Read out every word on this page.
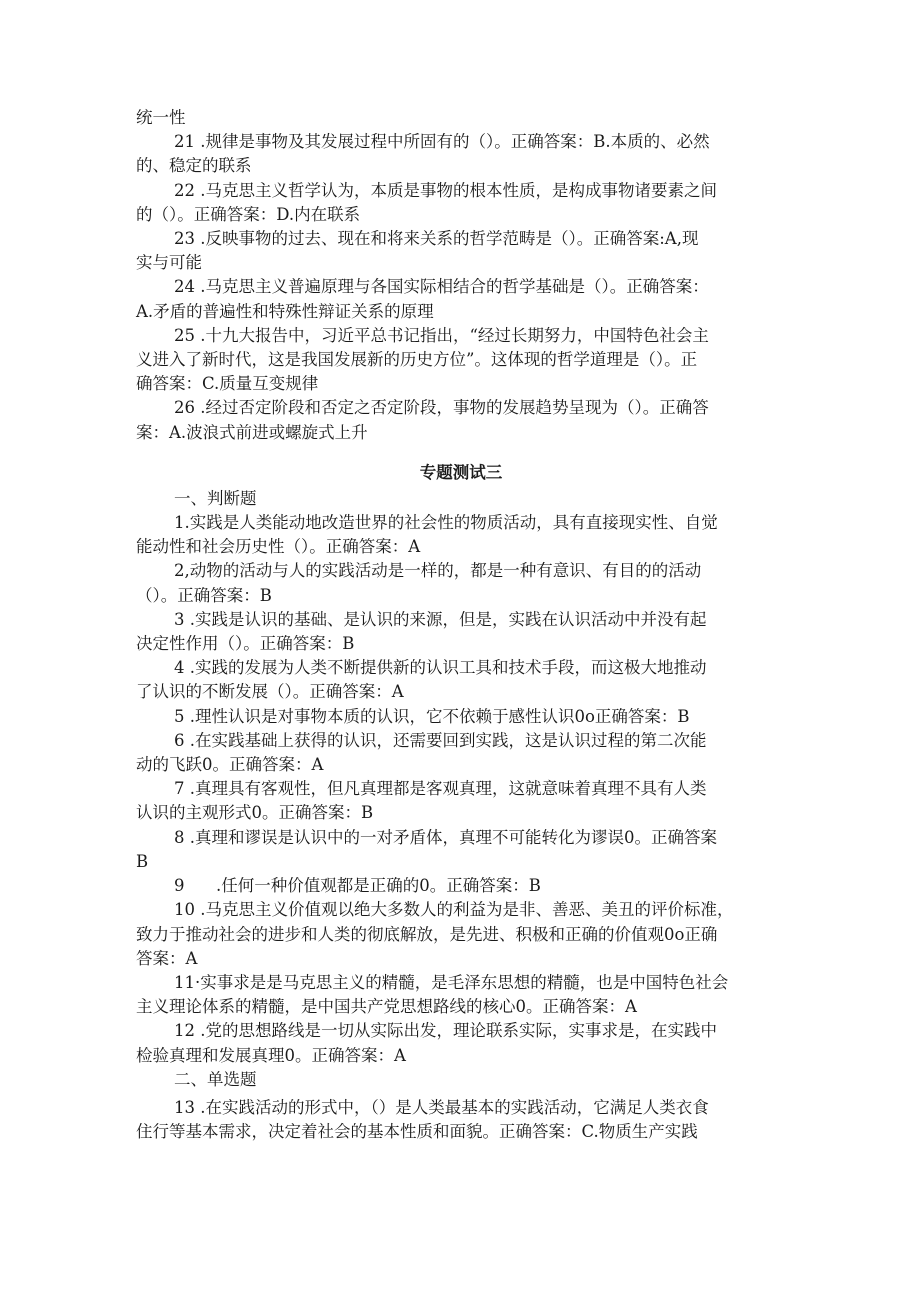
统一性
21 .规律是事物及其发展过程中所固有的（）。正确答案：B.本质的、必然
的、稳定的联系
22 .马克思主义哲学认为，本质是事物的根本性质，是构成事物诸要素之间
的（）。正确答案：D.内在联系
23 .反映事物的过去、现在和将来关系的哲学范畴是（）。正确答案:A,现
实与可能
24 .马克思主义普遍原理与各国实际相结合的哲学基础是（）。正确答案：
A.矛盾的普遍性和特殊性辩证关系的原理
25 .十九大报告中，习近平总书记指出，“经过长期努力，中国特色社会主
义进入了新时代，这是我国发展新的历史方位”。这体现的哲学道理是（）。正
确答案：C.质量互变规律
26 .经过否定阶段和否定之否定阶段，事物的发展趋势呈现为（）。正确答
案：A.波浪式前进或螺旋式上升
专题测试三
一、判断题
1.实践是人类能动地改造世界的社会性的物质活动，具有直接现实性、自觉
能动性和社会历史性（）。正确答案：A
2,动物的活动与人的实践活动是一样的，都是一种有意识、有目的的活动
（）。正确答案：B
3 .实践是认识的基础、是认识的来源，但是，实践在认识活动中并没有起
决定性作用（）。正确答案：B
4 .实践的发展为人类不断提供新的认识工具和技术手段，而这极大地推动
了认识的不断发展（）。正确答案：A
5 .理性认识是对事物本质的认识，它不依赖于感性认识0o正确答案：B
6 .在实践基础上获得的认识，还需要回到实践，这是认识过程的第二次能
动的飞跃0。正确答案：A
7 .真理具有客观性，但凡真理都是客观真理，这就意味着真理不具有人类
认识的主观形式0。正确答案：B
8 .真理和谬误是认识中的一对矛盾体，真理不可能转化为谬误0。正确答案
B
9      .任何一种价值观都是正确的0。正确答案：B
10 .马克思主义价值观以绝大多数人的利益为是非、善恶、美丑的评价标准，
致力于推动社会的进步和人类的彻底解放，是先进、积极和正确的价值观0o正确
答案：A
11·实事求是是马克思主义的精髓，是毛泽东思想的精髓，也是中国特色社会
主义理论体系的精髓，是中国共产党思想路线的核心0。正确答案：A
12 .党的思想路线是一切从实际出发，理论联系实际，实事求是，在实践中
检验真理和发展真理0。正确答案：A
二、单选题
13 .在实践活动的形式中，（）是人类最基本的实践活动，它满足人类衣食
住行等基本需求，决定着社会的基本性质和面貌。正确答案：C.物质生产实践
